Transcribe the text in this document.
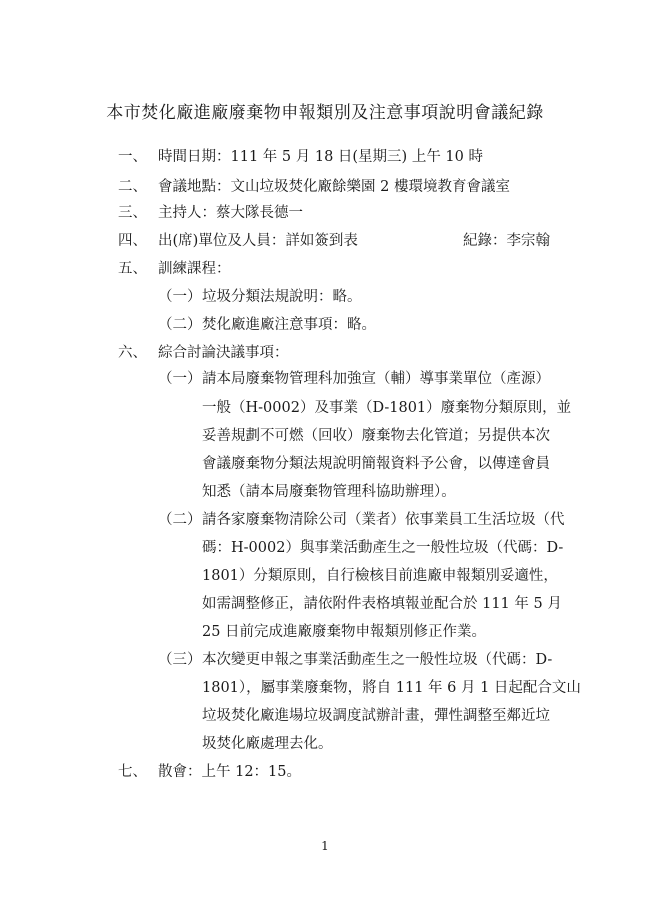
本市焚化廠進廠廢棄物申報類別及注意事項說明會議紀錄
一、 時間日期：111 年 5 月 18 日(星期三) 上午 10 時
二、 會議地點：文山垃圾焚化廠餘樂園 2 樓環境教育會議室
三、 主持人：蔡大隊長德一
四、 出(席)單位及人員：詳如簽到表	紀錄：李宗翰
五、 訓練課程：
（一） 垃圾分類法規說明：略。
（二） 焚化廠進廠注意事項：略。
六、 綜合討論決議事項：
（一） 請本局廢棄物管理科加強宣（輔）導事業單位（產源）
一般（H-0002）及事業（D-1801）廢棄物分類原則，並
妥善規劃不可燃（回收）廢棄物去化管道；另提供本次
會議廢棄物分類法規說明簡報資料予公會，以傳達會員
知悉（請本局廢棄物管理科協助辦理）。
（二） 請各家廢棄物清除公司（業者）依事業員工生活垃圾（代
碼：H-0002）與事業活動產生之一般性垃圾（代碼：D-
1801）分類原則，自行檢核目前進廠申報類別妥適性，
如需調整修正，請依附件表格填報並配合於 111 年 5 月
25 日前完成進廠廢棄物申報類別修正作業。
（三） 本次變更申報之事業活動產生之一般性垃圾（代碼：D-
1801），屬事業廢棄物，將自 111 年 6 月 1 日起配合文山
垃圾焚化廠進場垃圾調度試辦計畫，彈性調整至鄰近垃
圾焚化廠處理去化。
七、 散會：上午 12：15。
1
